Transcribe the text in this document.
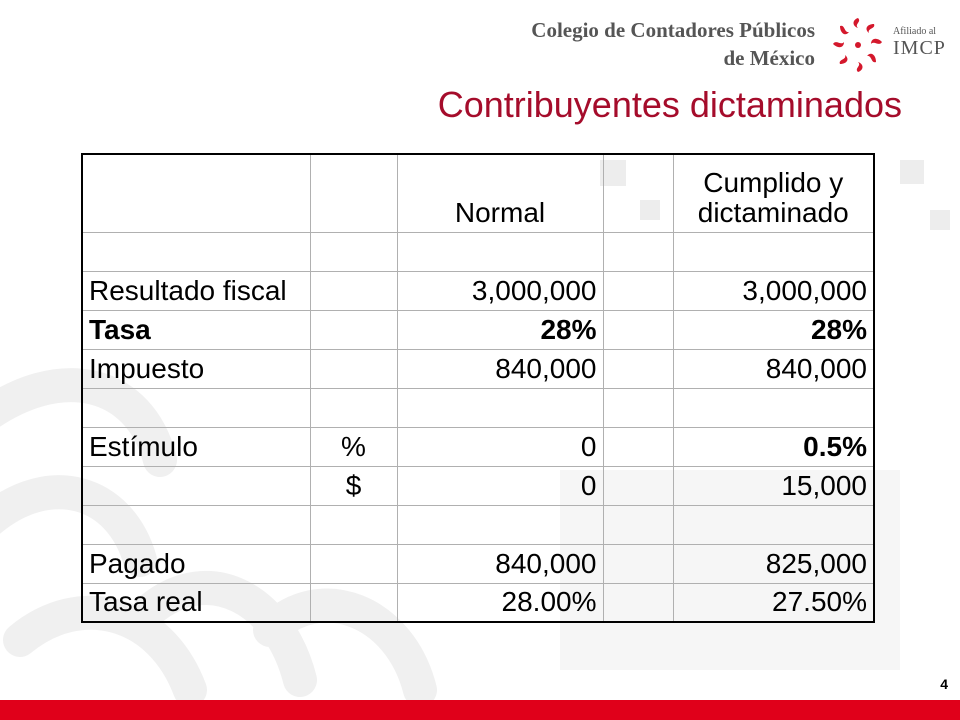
Colegio de Contadores Públicos
de México
Afiliado al
IMCP
Contribuyentes dictaminados
		Normal		Cumplido y
dictaminado

Resultado fiscal		3,000,000		3,000,000
Tasa		28%		28%
Impuesto		840,000		840,000

Estímulo	%	0		0.5%
	$	0		15,000

Pagado		840,000		825,000
Tasa real		28.00%		27.50%
4
